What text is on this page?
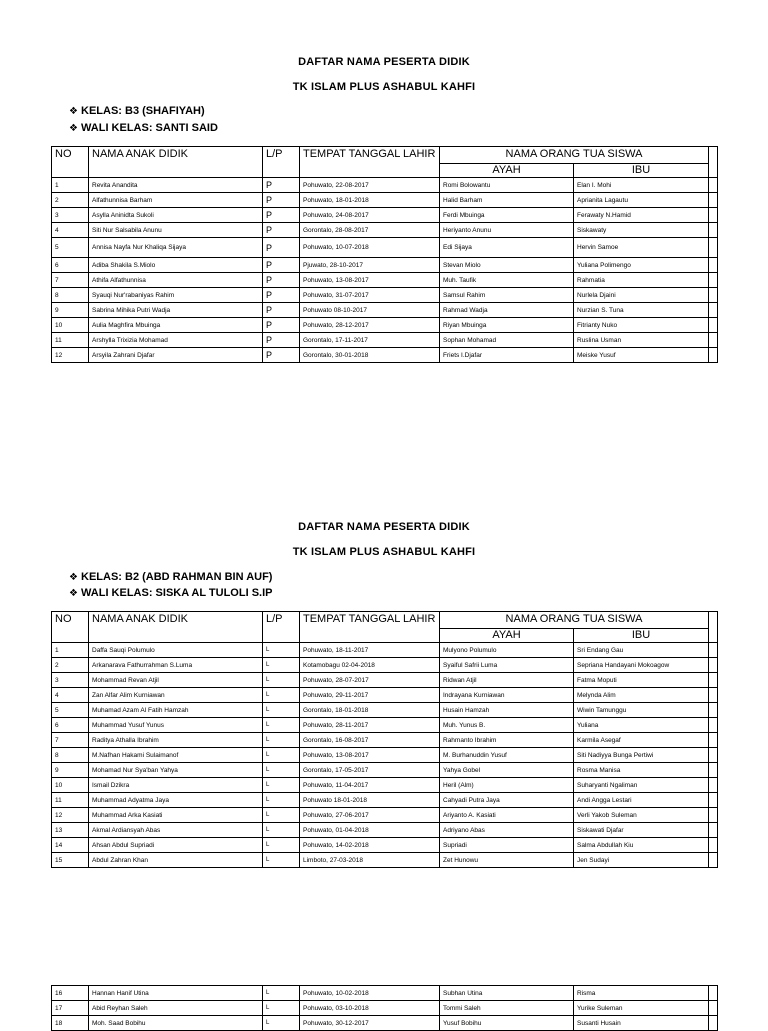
DAFTAR NAMA PESERTA DIDIK
TK ISLAM PLUS ASHABUL KAHFI
❖ KELAS: B3 (SHAFIYAH)
❖ WALI KELAS: SANTI SAID
NO	NAMA ANAK DIDIK	L/P	TEMPAT TANGGAL LAHIR	NAMA ORANG TUA SISWA		
				AYAH	IBU	
1	Revita Anandita	P	Pohuwato, 22-08-2017	Romi Bolowantu	Elan I. Mohi	
2	Alfathunnisa Barham	P	Pohuwato, 18-01-2018	Halid Barham	Aprianita Lagautu	
3	Asylla Aninidta Sukoli	P	Pohuwato, 24-08-2017	Ferdi Mbuinga	Ferawaty N.Hamid	
4	Siti Nur Salsabila Anunu	P	Gorontalo, 28-08-2017	Heriyanto Anunu	Siskawaty	
5	Annisa Nayfa Nur Khaliqa Sijaya	P	Pohuwato, 10-07-2018	Edi Sijaya	Hervin Samoe	
6	Adiba Shakila S.Miolo	P	Pjuwato, 28-10-2017	Stevan Miolo	Yuliana Polimengo	
7	Athifa Alfathunnisa	P	Pohuwato, 13-08-2017	Muh. Taufik	Rahmatia	
8	Syauqi Nur'rabaniyas Rahim	P	Pohuwato, 31-07-2017	Samsul Rahim	Nurlela Djaini	
9	Sabrina Mihika Putri Wadja	P	Pohuwato 08-10-2017	Rahmad Wadja	Nurzian S. Tuna	
10	Aulia Maghfira Mbuinga	P	Pohuwato, 28-12-2017	Riyan Mbuinga	Fitrianty Nuko	
11	Arshylla Trixizia Mohamad	P	Gorontalo, 17-11-2017	Sophan Mohamad	Ruslina Usman	
12	Arsyila Zahrani Djafar	P	Gorontalo, 30-01-2018	Friets I.Djafar	Meiske Yusuf	
DAFTAR NAMA PESERTA DIDIK
TK ISLAM PLUS ASHABUL KAHFI
❖ KELAS: B2 (ABD RAHMAN BIN AUF)
❖ WALI KELAS: SISKA AL TULOLI S.IP
NO	NAMA ANAK DIDIK	L/P	TEMPAT TANGGAL LAHIR	NAMA ORANG TUA SISWA		
				AYAH	IBU	
1	Daffa Sauqi Polumulo	L	Pohuwato, 18-11-2017	Mulyono Polumulo	Sri Endang Gau	
2	Arkanarava Fathurrahman S.Luma	L	Kotamobagu 02-04-2018	Syaiful Safrii Luma	Sepriana Handayani Mokoagow	
3	Mohammad Revan Atjil	L	Pohuwato, 28-07-2017	Ridwan Atjil	Fatma Moputi	
4	Zan Alfar Alim Kurniawan	L	Pohuwato, 29-11-2017	Indrayana Kurniawan	Melynda Alim	
5	Muhamad Azam Al Fatih Hamzah	L	Gorontalo, 18-01-2018	Husain Hamzah	Wiwin Tamunggu	
6	Muhammad Yusuf Yunus	L	Pohuwato, 28-11-2017	Muh. Yunus B.	Yuliana	
7	Raditya Athalla Ibrahim	L	Gorontalo, 16-08-2017	Rahmanto Ibrahim	Karmila Asegaf	
8	M.Nafhan Hakami Sulaimanof	L	Pohuwato, 13-08-2017	M. Burhanuddin Yusuf	Siti Nadiyya Bunga Pertiwi	
9	Mohamad Nur Sya'ban Yahya	L	Gorontalo, 17-05-2017	Yahya Gobel	Rosma Manisa	
10	Ismail Dzikra	L	Pohuwato, 11-04-2017	Heril (Alm)	Suharyanti Ngaliman	
11	Muhammad Adyatma Jaya	L	Pohuwato 18-01-2018	Cahyadi Putra Jaya	Andi Angga Lestari	
12	Muhammad Arka Kasiati	L	Pohuwato, 27-06-2017	Ariyanto A. Kasiati	Verli Yakob Suleman	
13	Akmal Ardiansyah Abas	L	Pohuwato, 01-04-2018	Adriyano Abas	Siskawati Djafar	
14	Ahsan Abdul Supriadi	L	Pohuwato, 14-02-2018	Supriadi	Salma Abdullah Kiu	
15	Abdul Zahran Khan	L	Limboto, 27-03-2018	Zet Hunowu	Jen Sudayi	
16	Hannan Hanif Utina	L	Pohuwato, 10-02-2018	Subhan Utina	Risma	
17	Abid Reyhan Saleh	L	Pohuwato, 03-10-2018	Tommi Saleh	Yurike Suleman	
18	Moh. Saad Bobihu	L	Pohuwato, 30-12-2017	Yusuf Bobihu	Susanti Husain	
